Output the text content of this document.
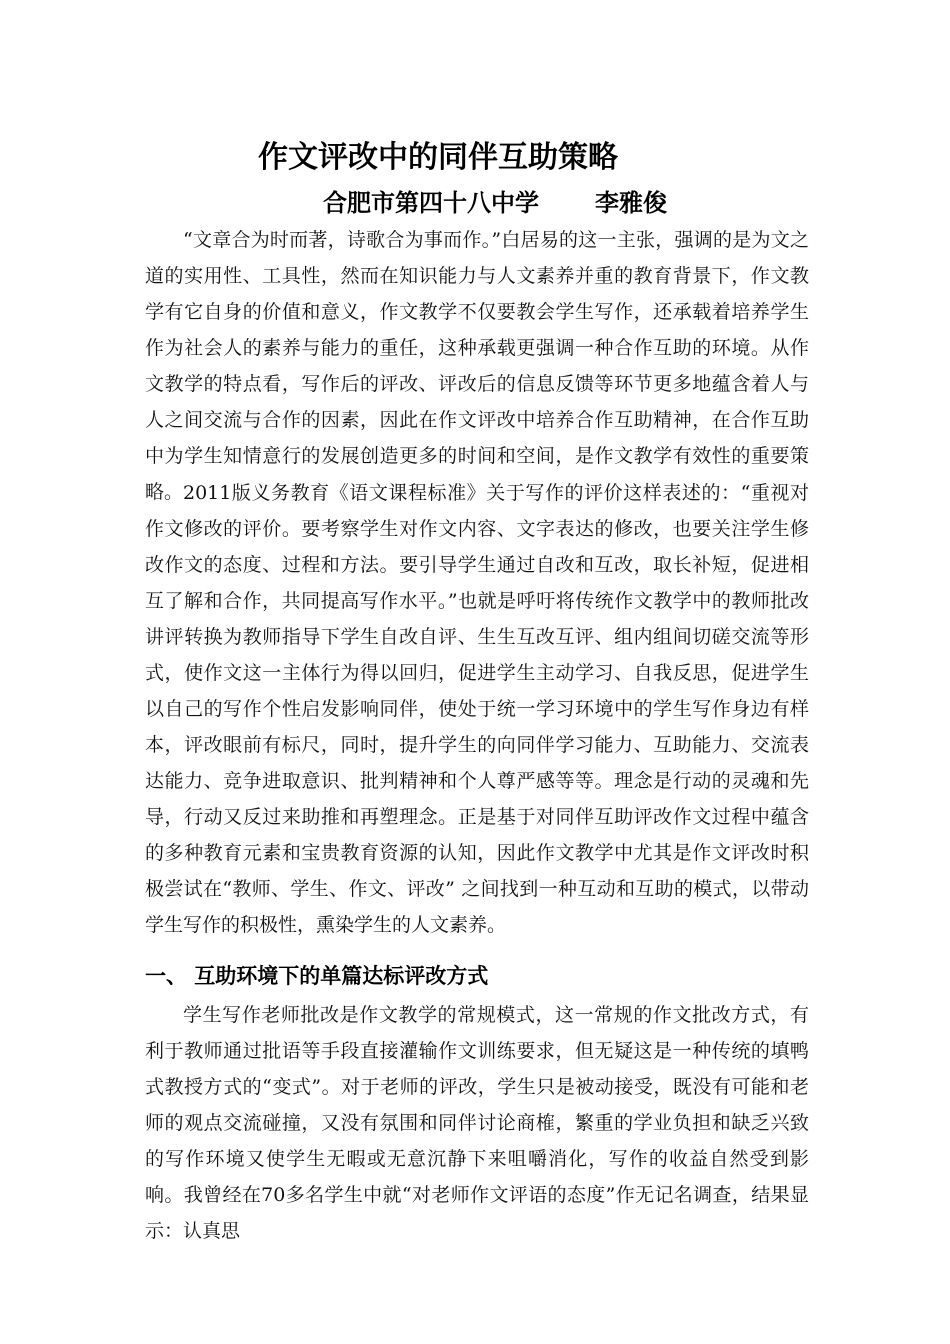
作文评改中的同伴互助策略
合肥市第四十八中学 李雅俊

“文章合为时而著，诗歌合为事而作。”白居易的这一主张，强调的是为文之道的实用性、工具性，然而在知识能力与人文素养并重的教育背景下，作文教学有它自身的价值和意义，作文教学不仅要教会学生写作，还承载着培养学生作为社会人的素养与能力的重任，这种承载更强调一种合作互助的环境。从作文教学的特点看，写作后的评改、评改后的信息反馈等环节更多地蕴含着人与人之间交流与合作的因素，因此在作文评改中培养合作互助精神，在合作互助中为学生知情意行的发展创造更多的时间和空间，是作文教学有效性的重要策略。 2011版义务教育《语文课程标准》关于写作的评价这样表述的：“重视对作文修改的评价。要考察学生对作文内容、文字表达的修改，也要关注学生修改作文的态度、过程和方法。要引导学生通过自改和互改，取长补短，促进相互了解和合作，共同提高写作水平。”也就是呼吁将传统作文教学中的教师批改讲评转换为教师指导下学生自改自评、生生互改互评、组内组间切磋交流等形式，使作文这一主体行为得以回归，促进学生主动学习、自我反思，促进学生以自己的写作个性启发影响同伴，使处于统一学习环境中的学生写作身边有样本，评改眼前有标尺，同时，提升学生的向同伴学习能力、互助能力、交流表达能力、竞争进取意识、批判精神和个人尊严感等等。理念是行动的灵魂和先导，行动又反过来助推和再塑理念。正是基于对同伴互助评改作文过程中蕴含的多种教育元素和宝贵教育资源的认知，因此作文教学中尤其是作文评改时积极尝试在“教师、学生、作文、评改” 之间找到一种互动和互助的模式，以带动学生写作的积极性，熏染学生的人文素养。

一、 互助环境下的单篇达标评改方式

学生写作老师批改是作文教学的常规模式，这一常规的作文批改方式，有利于教师通过批语等手段直接灌输作文训练要求，但无疑这是一种传统的填鸭式教授方式的“变式”。对于老师的评改，学生只是被动接受，既没有可能和老师的观点交流碰撞，又没有氛围和同伴讨论商榷，繁重的学业负担和缺乏兴致的写作环境又使学生无暇或无意沉静下来咀嚼消化，写作的收益自然受到影响。我曾经在70多名学生中就“对老师作文评语的态度”作无记名调查，结果显示：认真思
